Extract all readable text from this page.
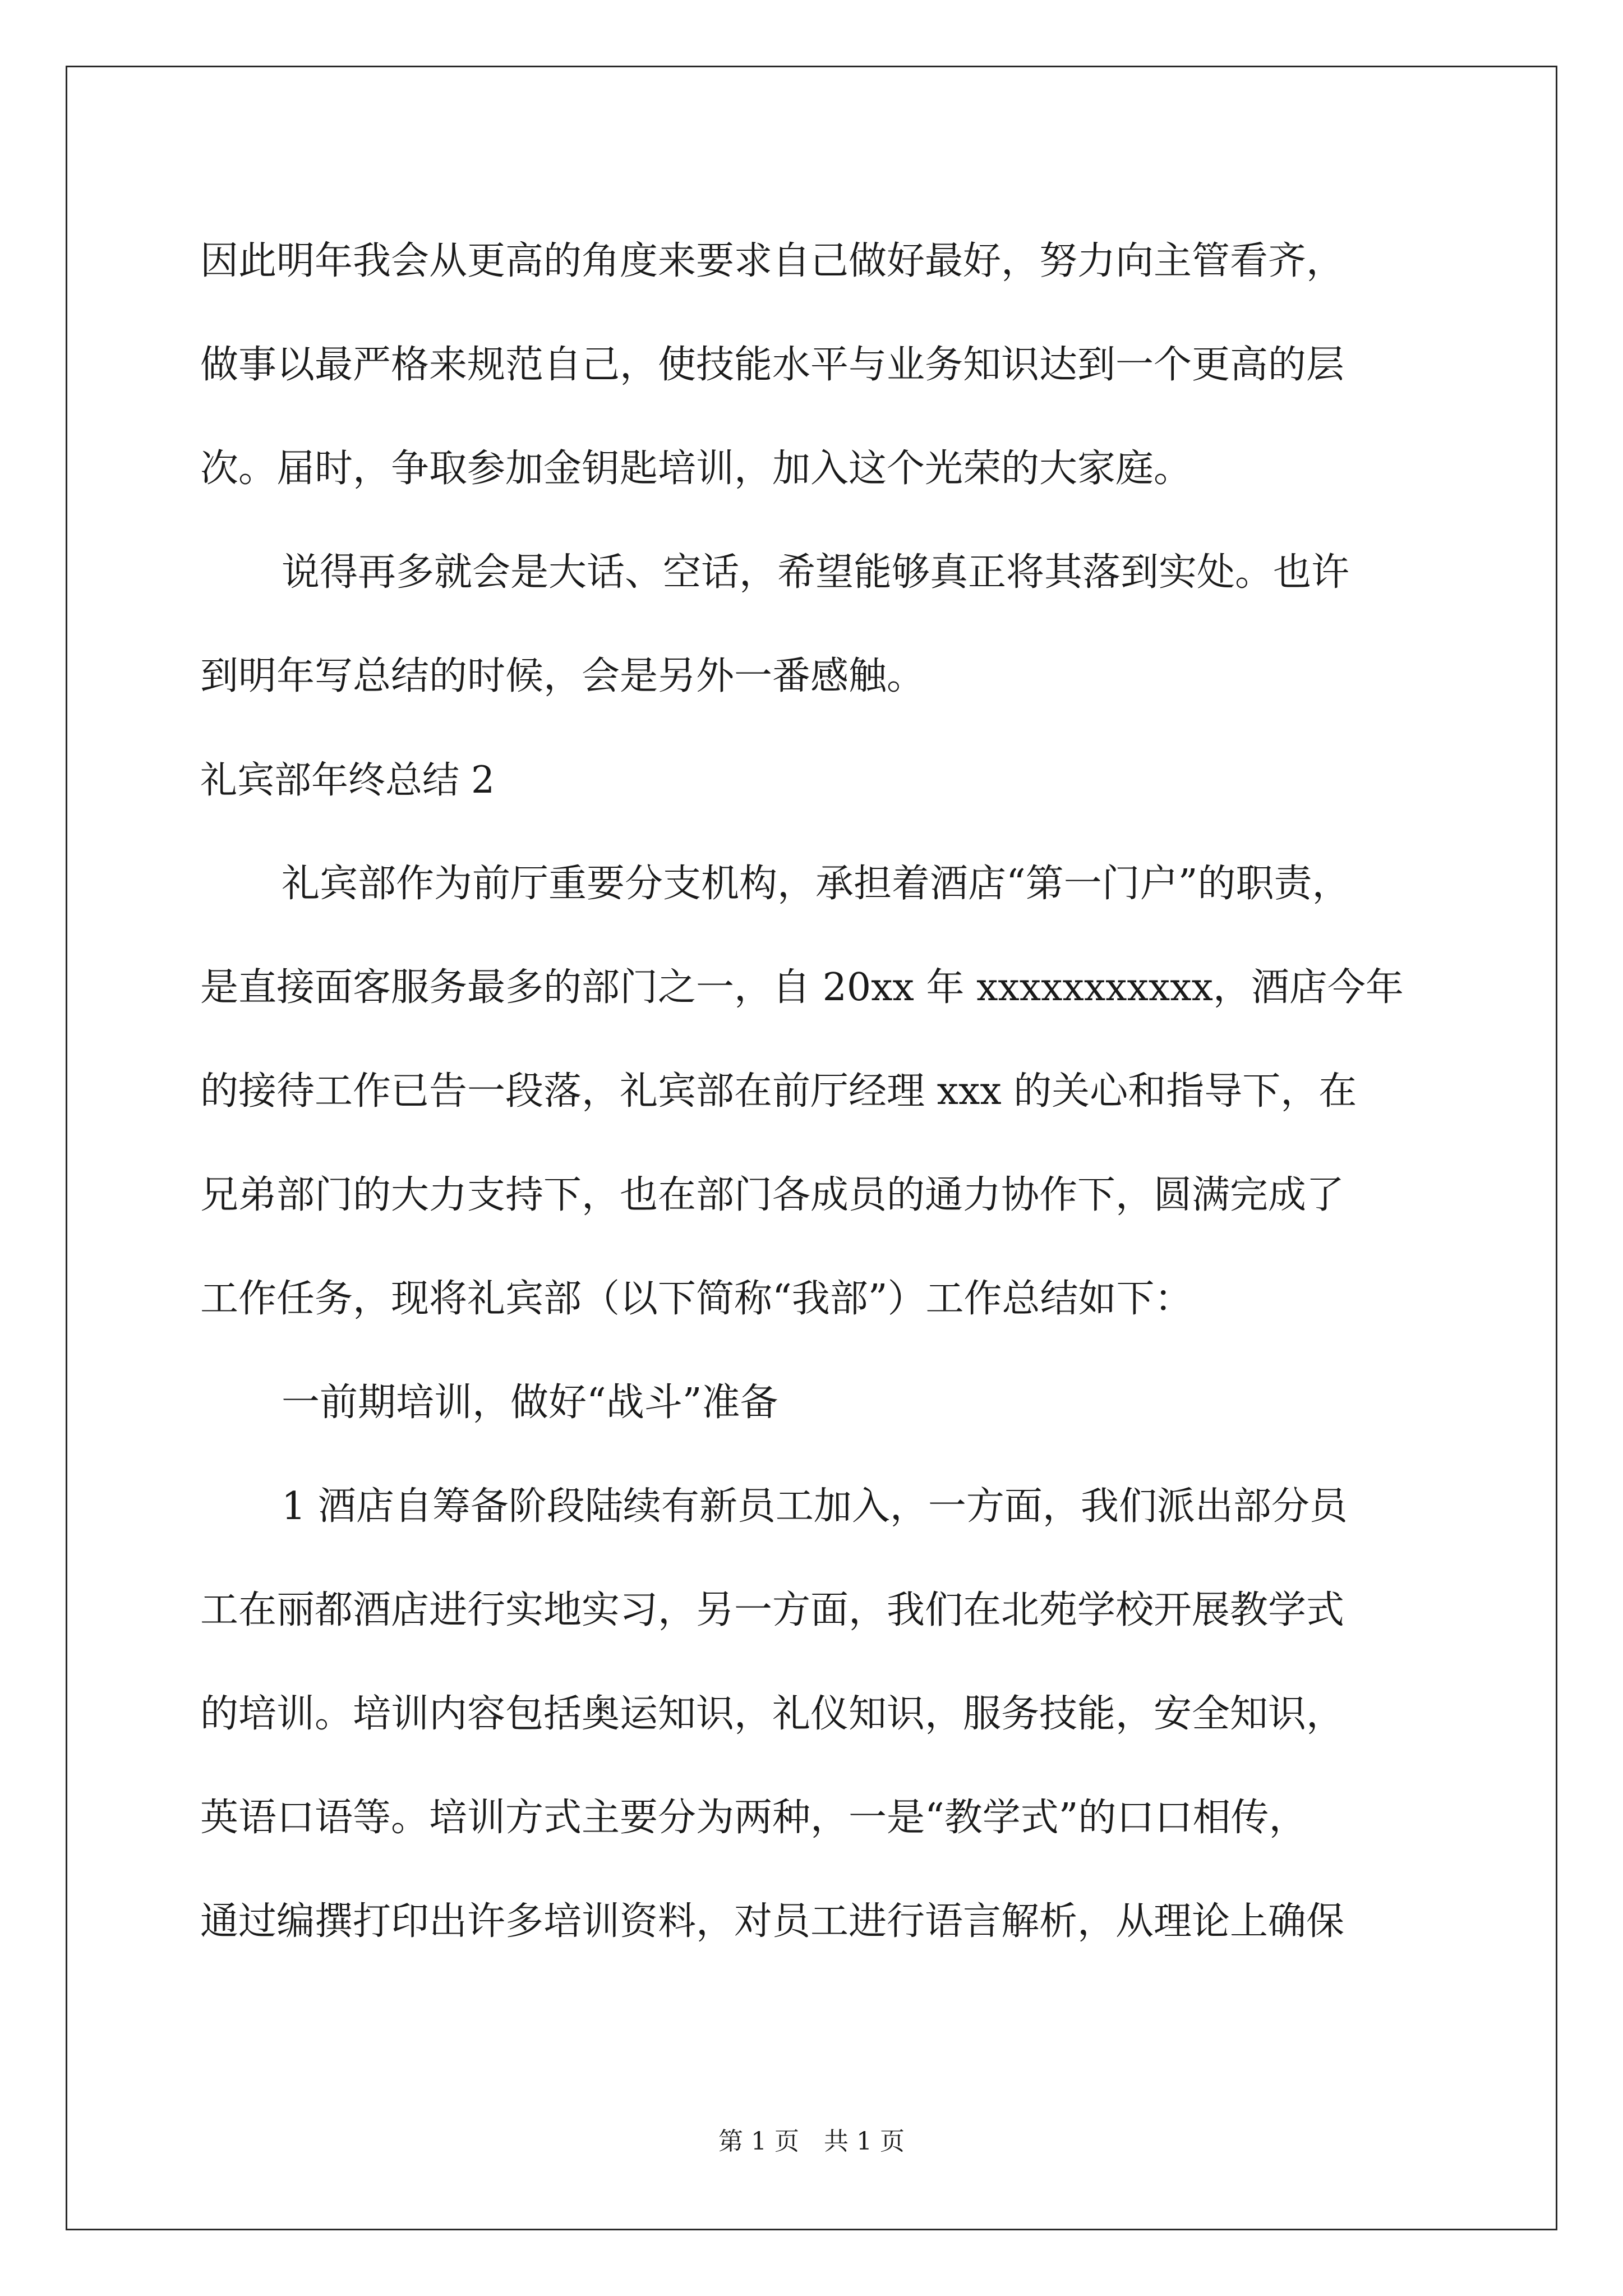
因此明年我会从更高的角度来要求自己做好最好，努力向主管看齐，
做事以最严格来规范自己，使技能水平与业务知识达到一个更高的层
次。届时，争取参加金钥匙培训，加入这个光荣的大家庭。
说得再多就会是大话、空话，希望能够真正将其落到实处。也许
到明年写总结的时候，会是另外一番感触。
礼宾部年终总结 2
礼宾部作为前厅重要分支机构，承担着酒店“第一门户”的职责，
是直接面客服务最多的部门之一，自 20xx 年 xxxxxxxxxxx，酒店今年
的接待工作已告一段落，礼宾部在前厅经理 xxx 的关心和指导下，在
兄弟部门的大力支持下，也在部门各成员的通力协作下，圆满完成了
工作任务，现将礼宾部（以下简称“我部”）工作总结如下：
一前期培训，做好“战斗”准备
1 酒店自筹备阶段陆续有新员工加入，一方面，我们派出部分员
工在丽都酒店进行实地实习，另一方面，我们在北苑学校开展教学式
的培训。培训内容包括奥运知识，礼仪知识，服务技能，安全知识，
英语口语等。培训方式主要分为两种，一是“教学式”的口口相传，
通过编撰打印出许多培训资料，对员工进行语言解析，从理论上确保
第 1 页　共 1 页
